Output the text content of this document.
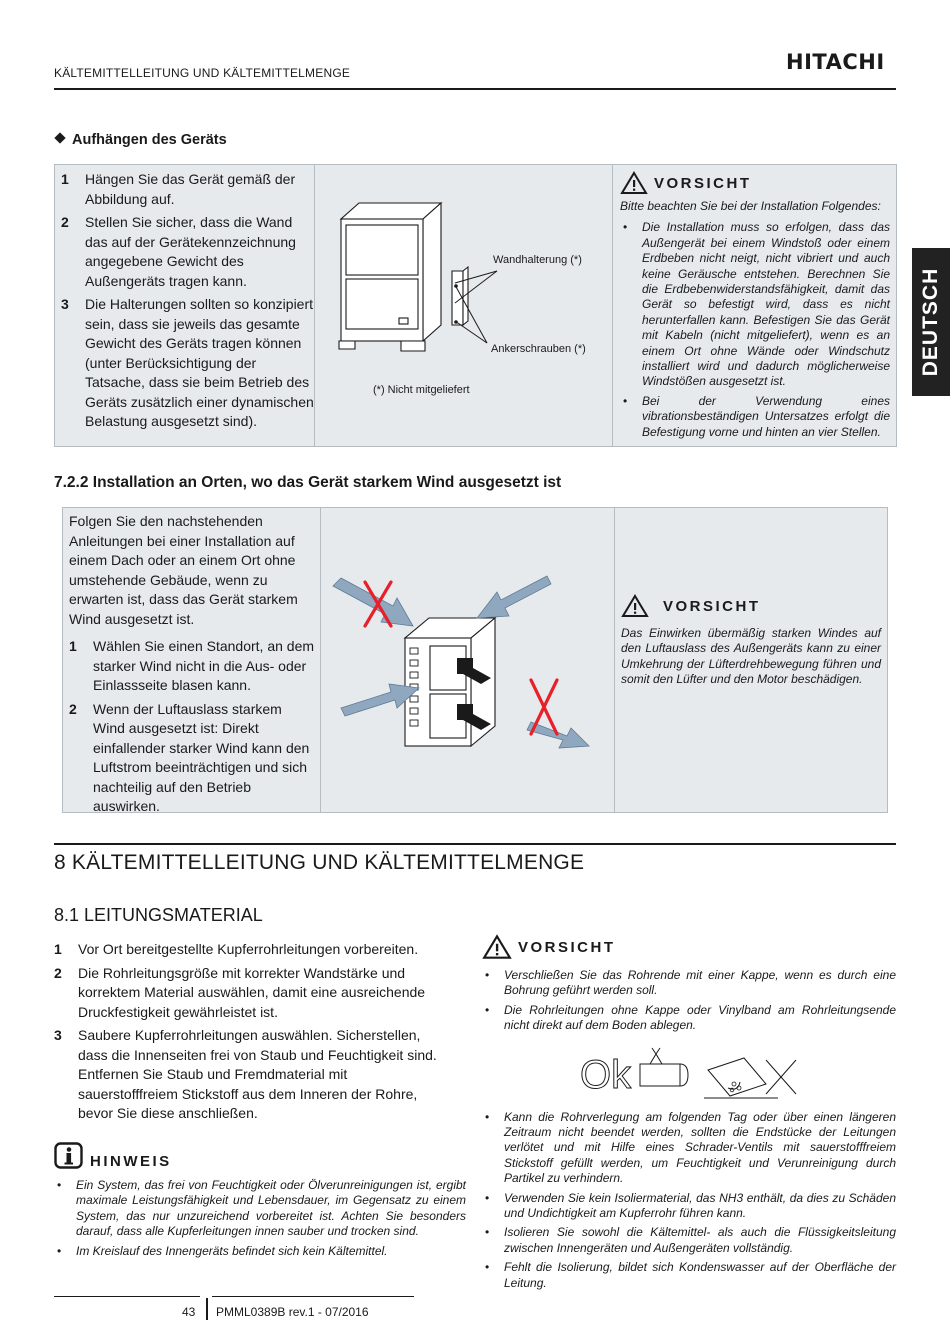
KÄLTEMITTELLEITUNG UND KÄLTEMITTELMENGE	HITACHI
DEUTSCH
Aufhängen des Geräts
1 Hängen Sie das Gerät gemäß der Abbildung auf.
2 Stellen Sie sicher, dass die Wand das auf der Gerätekennzeichnung angegebene Gewicht des Außengeräts tragen kann.
3 Die Halterungen sollten so konzipiert sein, dass sie jeweils das gesamte Gewicht des Geräts tragen können (unter Berücksichtigung der Tatsache, dass sie beim Betrieb des Geräts zusätzlich einer dynamischen Belastung ausgesetzt sind).
Wandhalterung (*)
Ankerschrauben (*)
(*) Nicht mitgeliefert
VORSICHT
Bitte beachten Sie bei der Installation Folgendes:
• Die Installation muss so erfolgen, dass das Außengerät bei einem Windstoß oder einem Erdbeben nicht neigt, nicht vibriert und auch keine Geräusche entstehen. Berechnen Sie die Erdbebenwiderstandsfähigkeit, damit das Gerät so befestigt wird, dass es nicht herunterfallen kann. Befestigen Sie das Gerät mit Kabeln (nicht mitgeliefert), wenn es an einem Ort ohne Wände oder Windschutz installiert wird und dadurch möglicherweise Windstößen ausgesetzt ist.
• Bei der Verwendung eines vibrationsbeständigen Untersatzes erfolgt die Befestigung vorne und hinten an vier Stellen.
7.2.2 Installation an Orten, wo das Gerät starkem Wind ausgesetzt ist
Folgen Sie den nachstehenden Anleitungen bei einer Installation auf einem Dach oder an einem Ort ohne umstehende Gebäude, wenn zu erwarten ist, dass das Gerät starkem Wind ausgesetzt ist.
1 Wählen Sie einen Standort, an dem starker Wind nicht in die Aus- oder Einlassseite blasen kann.
2 Wenn der Luftauslass starkem Wind ausgesetzt ist: Direkt einfallender starker Wind kann den Luftstrom beeinträchtigen und sich nachteilig auf den Betrieb auswirken.
VORSICHT
Das Einwirken übermäßig starken Windes auf den Luftauslass des Außengeräts kann zu einer Umkehrung der Lüfterdrehbewegung führen und somit den Lüfter und den Motor beschädigen.
8 KÄLTEMITTELLEITUNG UND KÄLTEMITTELMENGE
8.1 LEITUNGSMATERIAL
1 Vor Ort bereitgestellte Kupferrohrleitungen vorbereiten.
2 Die Rohrleitungsgröße mit korrekter Wandstärke und korrektem Material auswählen, damit eine ausreichende Druckfestigkeit gewährleistet ist.
3 Saubere Kupferrohrleitungen auswählen. Sicherstellen, dass die Innenseiten frei von Staub und Feuchtigkeit sind. Entfernen Sie Staub und Fremdmaterial mit sauerstofffreiem Stickstoff aus dem Inneren der Rohre, bevor Sie diese anschließen.
HINWEIS
• Ein System, das frei von Feuchtigkeit oder Ölverunreinigungen ist, ergibt maximale Leistungsfähigkeit und Lebensdauer, im Gegensatz zu einem System, das nur unzureichend vorbereitet ist. Achten Sie besonders darauf, dass alle Kupferleitungen innen sauber und trocken sind.
• Im Kreislauf des Innengeräts befindet sich kein Kältemittel.
VORSICHT
• Verschließen Sie das Rohrende mit einer Kappe, wenn es durch eine Bohrung geführt werden soll.
• Die Rohrleitungen ohne Kappe oder Vinylband am Rohrleitungsende nicht direkt auf dem Boden ablegen.
Ok
• Kann die Rohrverlegung am folgenden Tag oder über einen längeren Zeitraum nicht beendet werden, sollten die Endstücke der Leitungen verlötet und mit Hilfe eines Schrader-Ventils mit sauerstofffreiem Stickstoff gefüllt werden, um Feuchtigkeit und Verunreinigung durch Partikel zu verhindern.
• Verwenden Sie kein Isoliermaterial, das NH3 enthält, da dies zu Schäden und Undichtigkeit am Kupferrohr führen kann.
• Isolieren Sie sowohl die Kältemittel- als auch die Flüssigkeitsleitung zwischen Innengeräten und Außengeräten vollständig.
• Fehlt die Isolierung, bildet sich Kondenswasser auf der Oberfläche der Leitung.
43 PMML0389B rev.1 - 07/2016
